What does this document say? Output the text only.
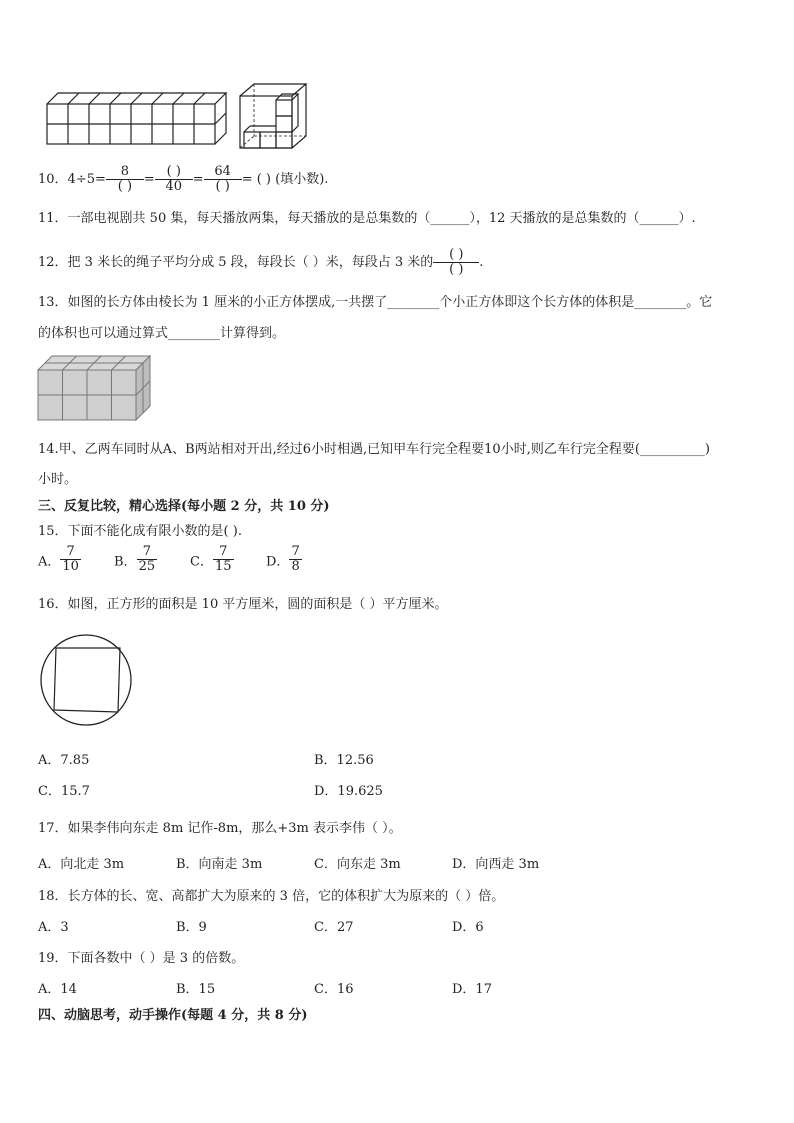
10．$4\div 5= \frac{8}{( )} = \frac{( )}{40} = \frac{64}{( )}$ = ( ) (填小数).
11．一部电视剧共 50 集，每天播放两集，每天播放的是总集数的（______），12 天播放的是总集数的（______）.
12．把 3 米长的绳子平均分成 5 段，每段长（ ）米，每段占 3 米的 $\frac{( )}{( )}$ .
13．如图的长方体由棱长为 1 厘米的小正方体摆成,一共摆了________个小正方体即这个长方体的体积是________。它
的体积也可以通过算式________计算得到。
14.甲、乙两车同时从A、B两站相对开出,经过6小时相遇,已知甲车行完全程要10小时,则乙车行完全程要(__________)
小时。
三、反复比较，精心选择(每小题 2 分，共 10 分)
15．下面不能化成有限小数的是( ).
A． $\frac{7}{10}$	B． $\frac{7}{25}$	C． $\frac{7}{15}$	D． $\frac{7}{8}$
16．如图，正方形的面积是 10 平方厘米，圆的面积是（ ）平方厘米。
A．7.85	B．12.56
C．15.7	D．19.625
17．如果李伟向东走 8m 记作-8m，那么+3m 表示李伟（ ）。
A．向北走 3m	B．向南走 3m	C．向东走 3m	D．向西走 3m
18．长方体的长、宽、高都扩大为原来的 3 倍，它的体积扩大为原来的（ ）倍。
A．3	B．9	C．27	D．6
19．下面各数中（ ）是 3 的倍数。
A．14	B．15	C．16	D．17
四、动脑思考，动手操作(每题 4 分，共 8 分)
